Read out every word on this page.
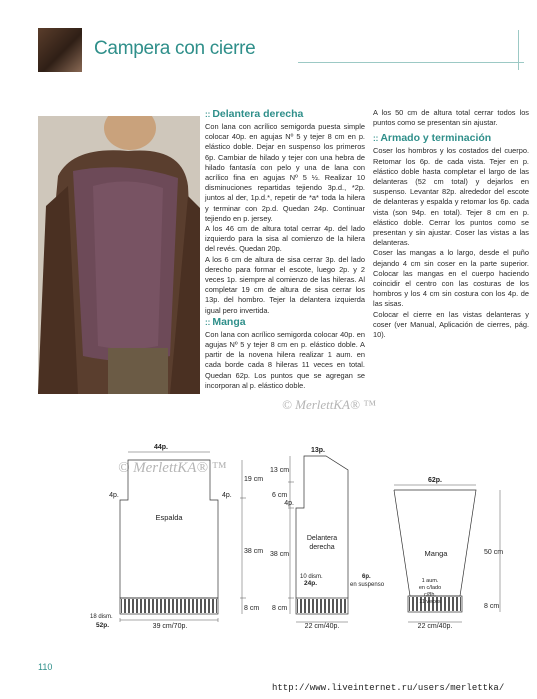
Campera con cierre
:: Delantera derecha

Con lana con acrílico semigorda puesta simple colocar 40p. en agujas Nº 5 y tejer 8 cm en p. elástico doble. Dejar en suspenso los primeros 6p. Cambiar de hilado y tejer con una hebra de hilado fantasía con pelo y una de lana con acrílico fina en agujas Nº 5 ½. Realizar 10 disminuciones repartidas tejiendo 3p.d., *2p. juntos al der, 1p.d.*, repetir de *a* toda la hilera y terminar con 2p.d. Quedan 24p. Continuar tejiendo en p. jersey.

A los 46 cm de altura total cerrar 4p. del lado izquierdo para la sisa al comienzo de la hilera del revés. Quedan 20p.

A los 6 cm de altura de sisa cerrar 3p. del lado derecho para formar el escote, luego 2p. y 2 veces 1p. siempre al comienzo de las hileras. Al completar 19 cm de altura de sisa cerrar los 13p. del hombro. Tejer la delantera izquierda igual pero invertida.

:: Manga

Con lana con acrílico semigorda colocar 40p. en agujas Nº 5 y tejer 8 cm en p. elástico doble. A partir de la novena hilera realizar 1 aum. en cada borde cada 8 hileras 11 veces en total. Quedan 62p. Los puntos que se agregan se incorporan al p. elástico doble.

A los 50 cm de altura total cerrar todos los puntos como se presentan sin ajustar.

:: Armado y terminación

Coser los hombros y los costados del cuerpo. Retomar los 6p. de cada vista. Tejer en p. elástico doble hasta completar el largo de las delanteras (52 cm total) y dejarlos en suspenso. Levantar 82p. alrededor del escote de delanteras y espalda y retomar los 6p. cada vista (son 94p. en total). Tejer 8 cm en p. elástico doble. Cerrar los puntos como se presentan y sin ajustar. Coser las vistas a las delanteras.

Coser las mangas a lo largo, desde el puño dejando 4 cm sin coser en la parte superior. Colocar las mangas en el cuerpo haciendo coincidir el centro con las costuras de los hombros y los 4 cm sin costura con los 4p. de las sisas.

Colocar el cierre en las vistas delanteras y coser (ver Manual, Aplicación de cierres, pág. 10).

© MerlettKA® ™
© MerlettKA® ™
44p.
4p.	4p.
19 cm
Espalda
38 cm
8 cm
18 dism.
52p.	39 cm/70p.
13p.
13 cm
6 cm
4p.
Delantera
derecha
38 cm
8 cm
10 dism.
24p.
6p.
en suspenso
22 cm/40p.
62p.
Manga	50 cm
1 aum.
en c/lado
c/8h.
11 veces
8 cm
22 cm/40p.
110
http://www.liveinternet.ru/users/merlettka/
